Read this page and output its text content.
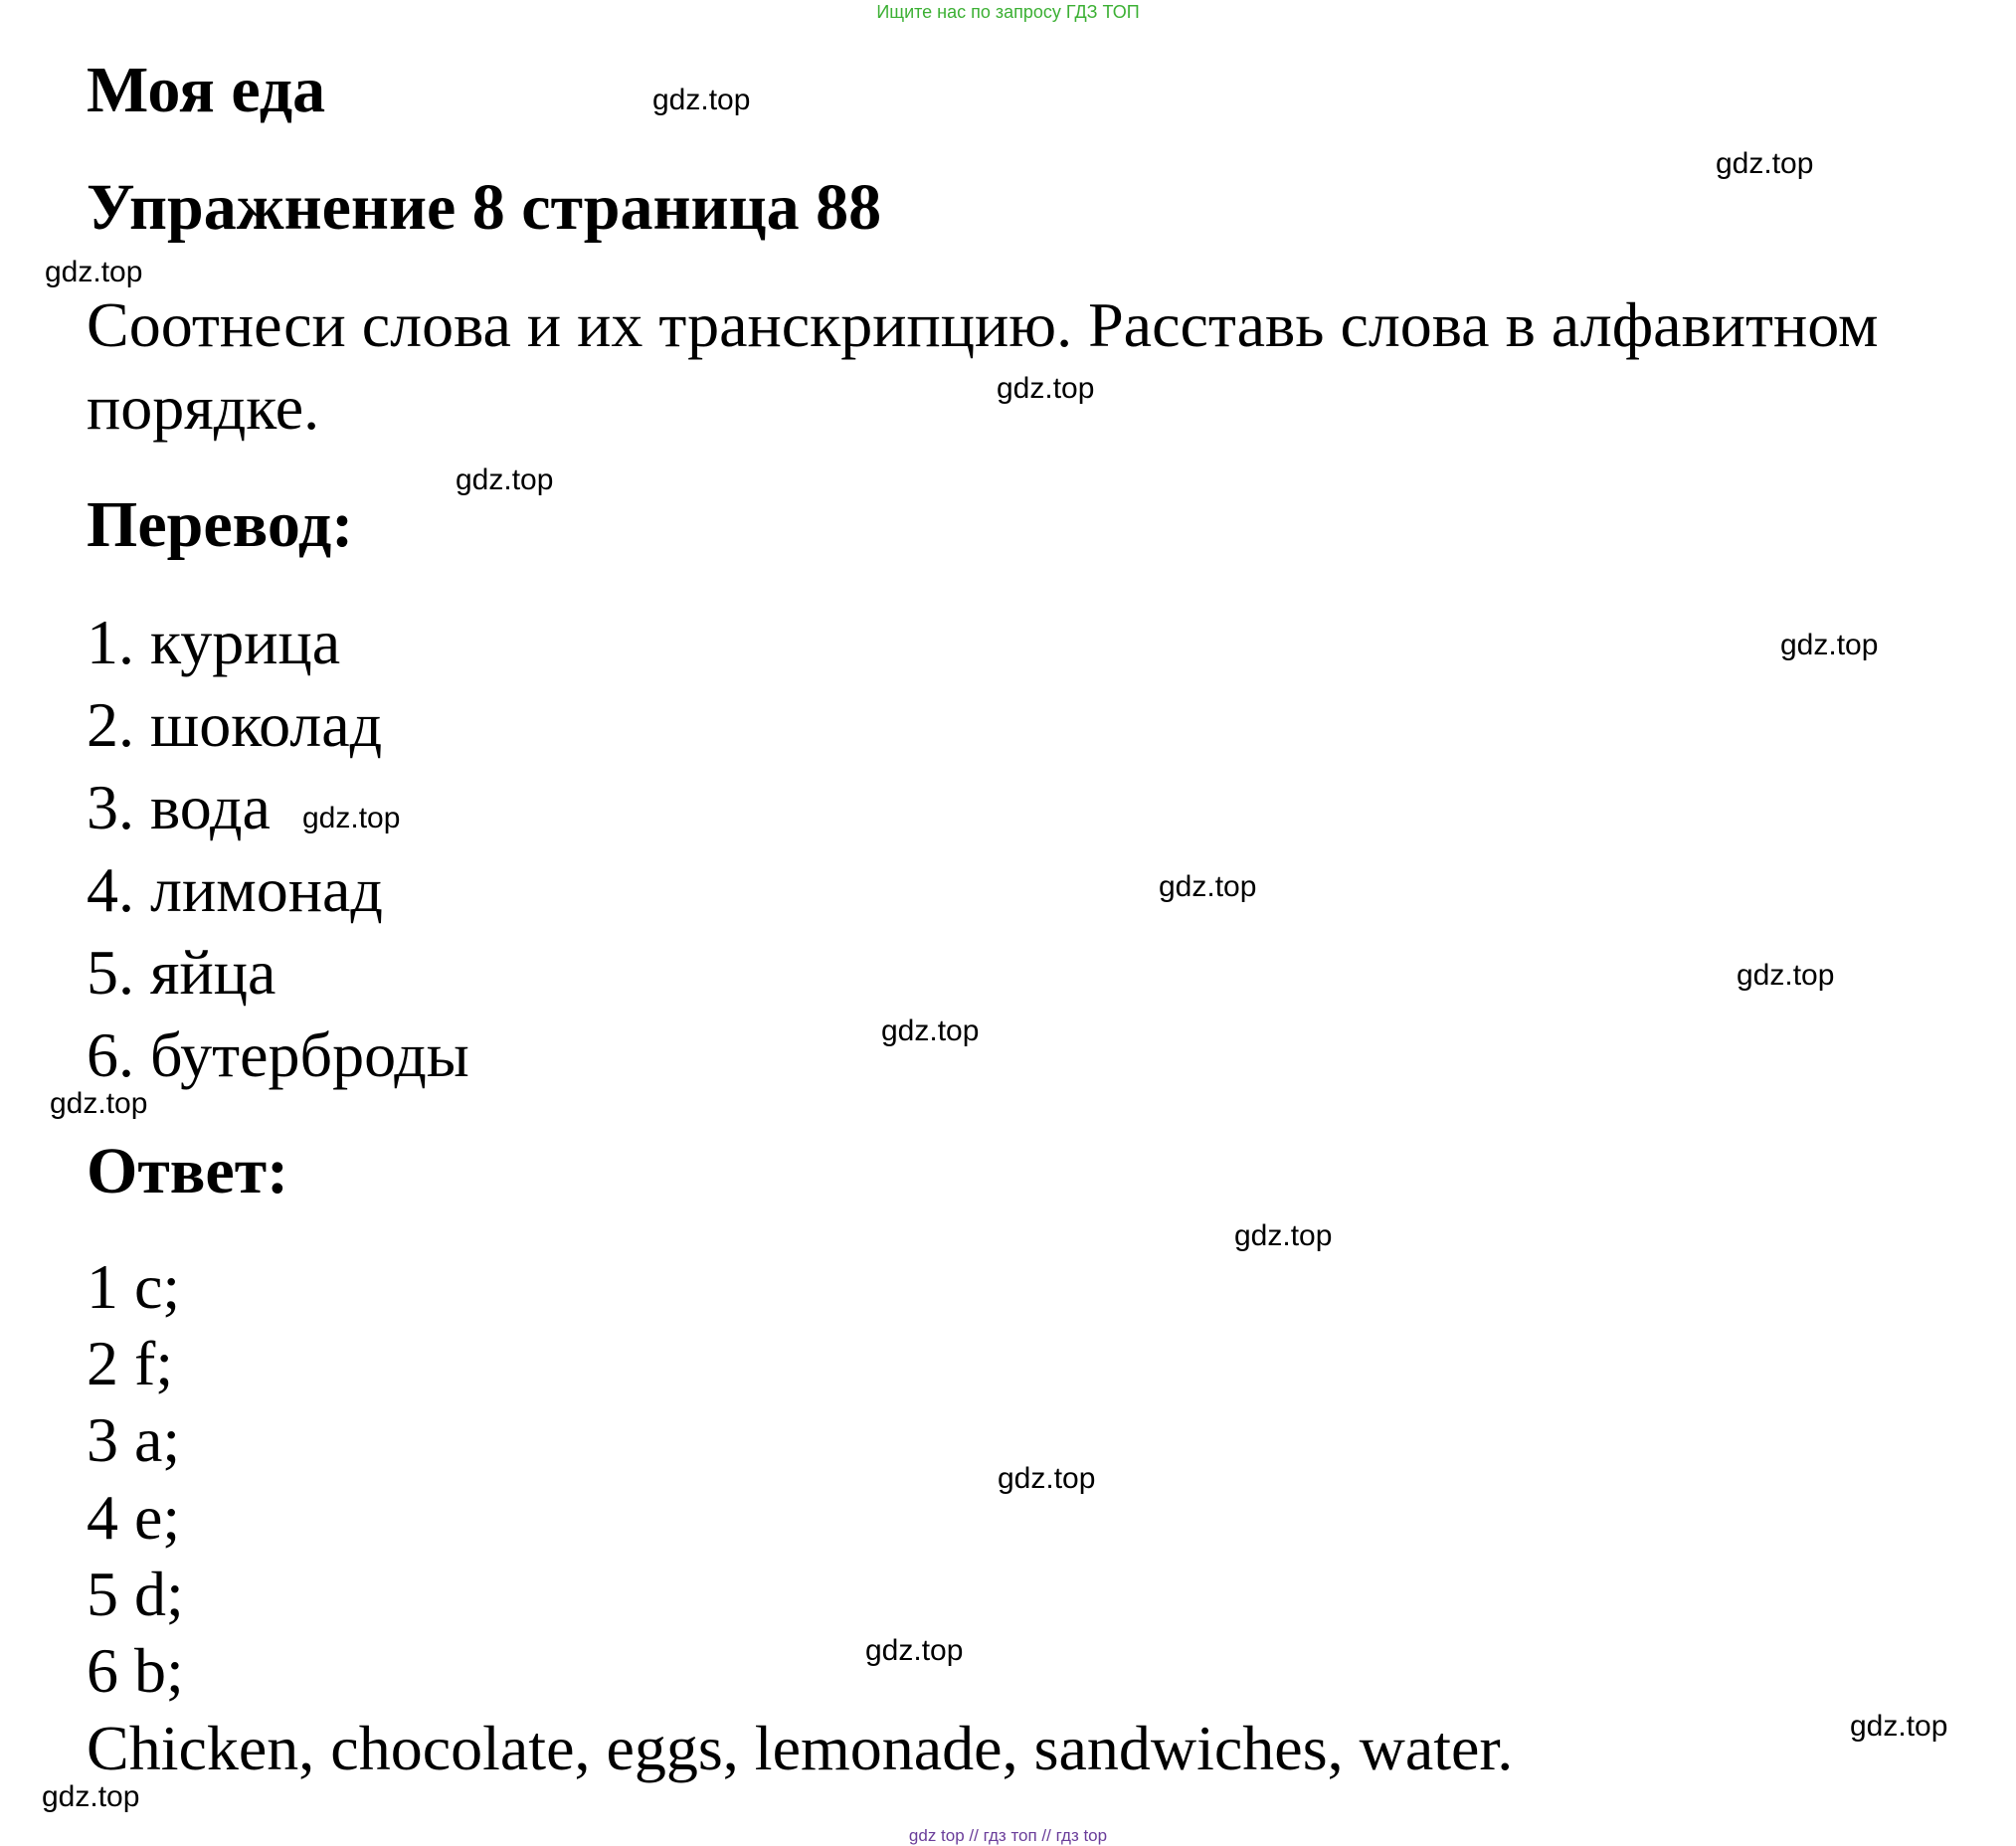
Ищите нас по запросу ГДЗ ТОП
Моя еда
Упражнение 8 страница 88
Соотнеси слова и их транскрипцию. Расставь слова в алфавитном
порядке.
Перевод:
1. курица
2. шоколад
3. вода
4. лимонад
5. яйца
6. бутерброды
Ответ:
1 c;
2 f;
3 a;
4 e;
5 d;
6 b;
Chicken, chocolate, eggs, lemonade, sandwiches, water.
gdz.top
gdz.top
gdz.top
gdz.top
gdz.top
gdz.top
gdz.top
gdz.top
gdz.top
gdz.top
gdz.top
gdz.top
gdz.top
gdz.top
gdz.top
gdz.top
gdz top // гдз топ // гдз top
